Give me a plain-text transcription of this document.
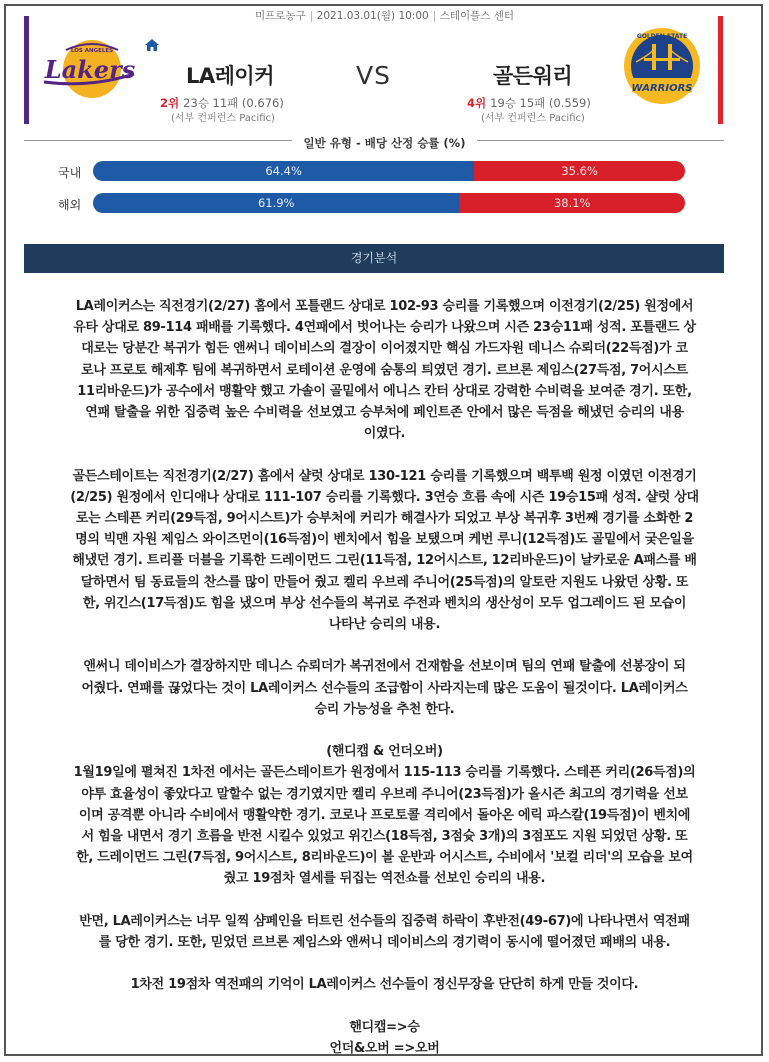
미프로농구 2021.03.01(월) 10:00 스테이플스 센터
LOS ANGELES
Lakers
GOLDEN STATE
WARRIORS
LA레이커	VS	골든워리
2위 23승 11패 (0.676)
(서부 컨퍼런스 Pacific)
4위 19승 15패 (0.559)
(서부 컨퍼런스 Pacific)
일반 유형 - 배당 산정 승률 (%)
국내	64.4%	35.6%
해외	61.9%	38.1%
경기분석

LA레이커스는 직전경기(2/27) 홈에서 포틀랜드 상대로 102-93 승리를 기록했으며 이전경기(2/25) 원정에서

유타 상대로 89-114 패배를 기록했다. 4연패에서 벗어나는 승리가 나왔으며 시즌 23승11패 성적. 포틀랜드 상

대로는 당분간 복귀가 힘든 앤써니 데이비스의 결장이 이어졌지만 핵심 가드자원 데니스 슈뢰더(22득점)가 코

로나 프로토 해제후 팀에 복귀하면서 로테이션 운영에 숨통의 틔였던 경기. 르브론 제임스(27득점, 7어시스트

11리바운드)가 공수에서 맹활약 했고 가솔이 골밑에서 에니스 칸터 상대로 강력한 수비력을 보여준 경기. 또한,

연패 탈출을 위한 집중력 높은 수비력을 선보였고 승부처에 페인트존 안에서 많은 득점을 해냈던 승리의 내용

이였다.

골든스테이트는 직전경기(2/27) 홈에서 샬럿 상대로 130-121 승리를 기록했으며 백투백 원정 이였던 이전경기

(2/25) 원정에서 인디애나 상대로 111-107 승리를 기록했다. 3연승 흐름 속에 시즌 19승15패 성적. 샬럿 상대

로는 스테픈 커리(29득점, 9어시스트)가 승부처에 커리가 해결사가 되었고 부상 복귀후 3번째 경기를 소화한 2

명의 빅맨 자원 제임스 와이즈먼이(16득점)이 벤치에서 힘을 보탰으며 케번 루니(12득점)도 골밑에서 궂은일을

해냈던 경기. 트리플 더블을 기록한 드레이먼드 그린(11득점, 12어시스트, 12리바운드)이 날카로운 A패스를 배

달하면서 팀 동료들의 찬스를 많이 만들어 줬고 켈리 우브레 주니어(25득점)의 알토란 지원도 나왔던 상황. 또

한, 위긴스(17득점)도 힘을 냈으며 부상 선수들의 복귀로 주전과 벤치의 생산성이 모두 업그레이드 된 모습이

나타난 승리의 내용.

앤써니 데이비스가 결장하지만 데니스 슈뢰더가 복귀전에서 건재함을 선보이며 팀의 연패 탈출에 선봉장이 되

어줬다. 연패를 끊었다는 것이 LA레이커스 선수들의 조급함이 사라지는데 많은 도움이 될것이다. LA레이커스

승리 가능성을 추천 한다.

(핸디캡 & 언더오버)

1월19일에 펼쳐진 1차전 에서는 골든스테이트가 원정에서 115-113 승리를 기록했다. 스테픈 커리(26득점)의

야투 효율성이 좋았다고 말할수 없는 경기였지만 켈리 우브레 주니어(23득점)가 올시즌 최고의 경기력을 선보

이며 공격뿐 아니라 수비에서 맹활약한 경기. 코로나 프로토콜 격리에서 돌아온 에릭 파스칼(19득점)이 벤치에

서 힘을 내면서 경기 흐름을 반전 시킬수 있었고 위긴스(18득점, 3점슛 3개)의 3점포도 지원 되었던 상황. 또

한, 드레이먼드 그린(7득점, 9어시스트, 8리바운드)이 볼 운반과 어시스트, 수비에서 '보컬 리더'의 모습을 보여

줬고 19점차 열세를 뒤집는 역전쇼를 선보인 승리의 내용.

반면, LA레이커스는 너무 일찍 샴페인을 터트린 선수들의 집중력 하락이 후반전(49-67)에 나타나면서 역전패

를 당한 경기. 또한, 믿었던 르브론 제임스와 앤써니 데이비스의 경기력이 동시에 떨어졌던 패배의 내용.

1차전 19점차 역전패의 기억이 LA레이커스 선수들이 정신무장을 단단히 하게 만들 것이다.

핸디캡=>승

언더&오버 =>오버
